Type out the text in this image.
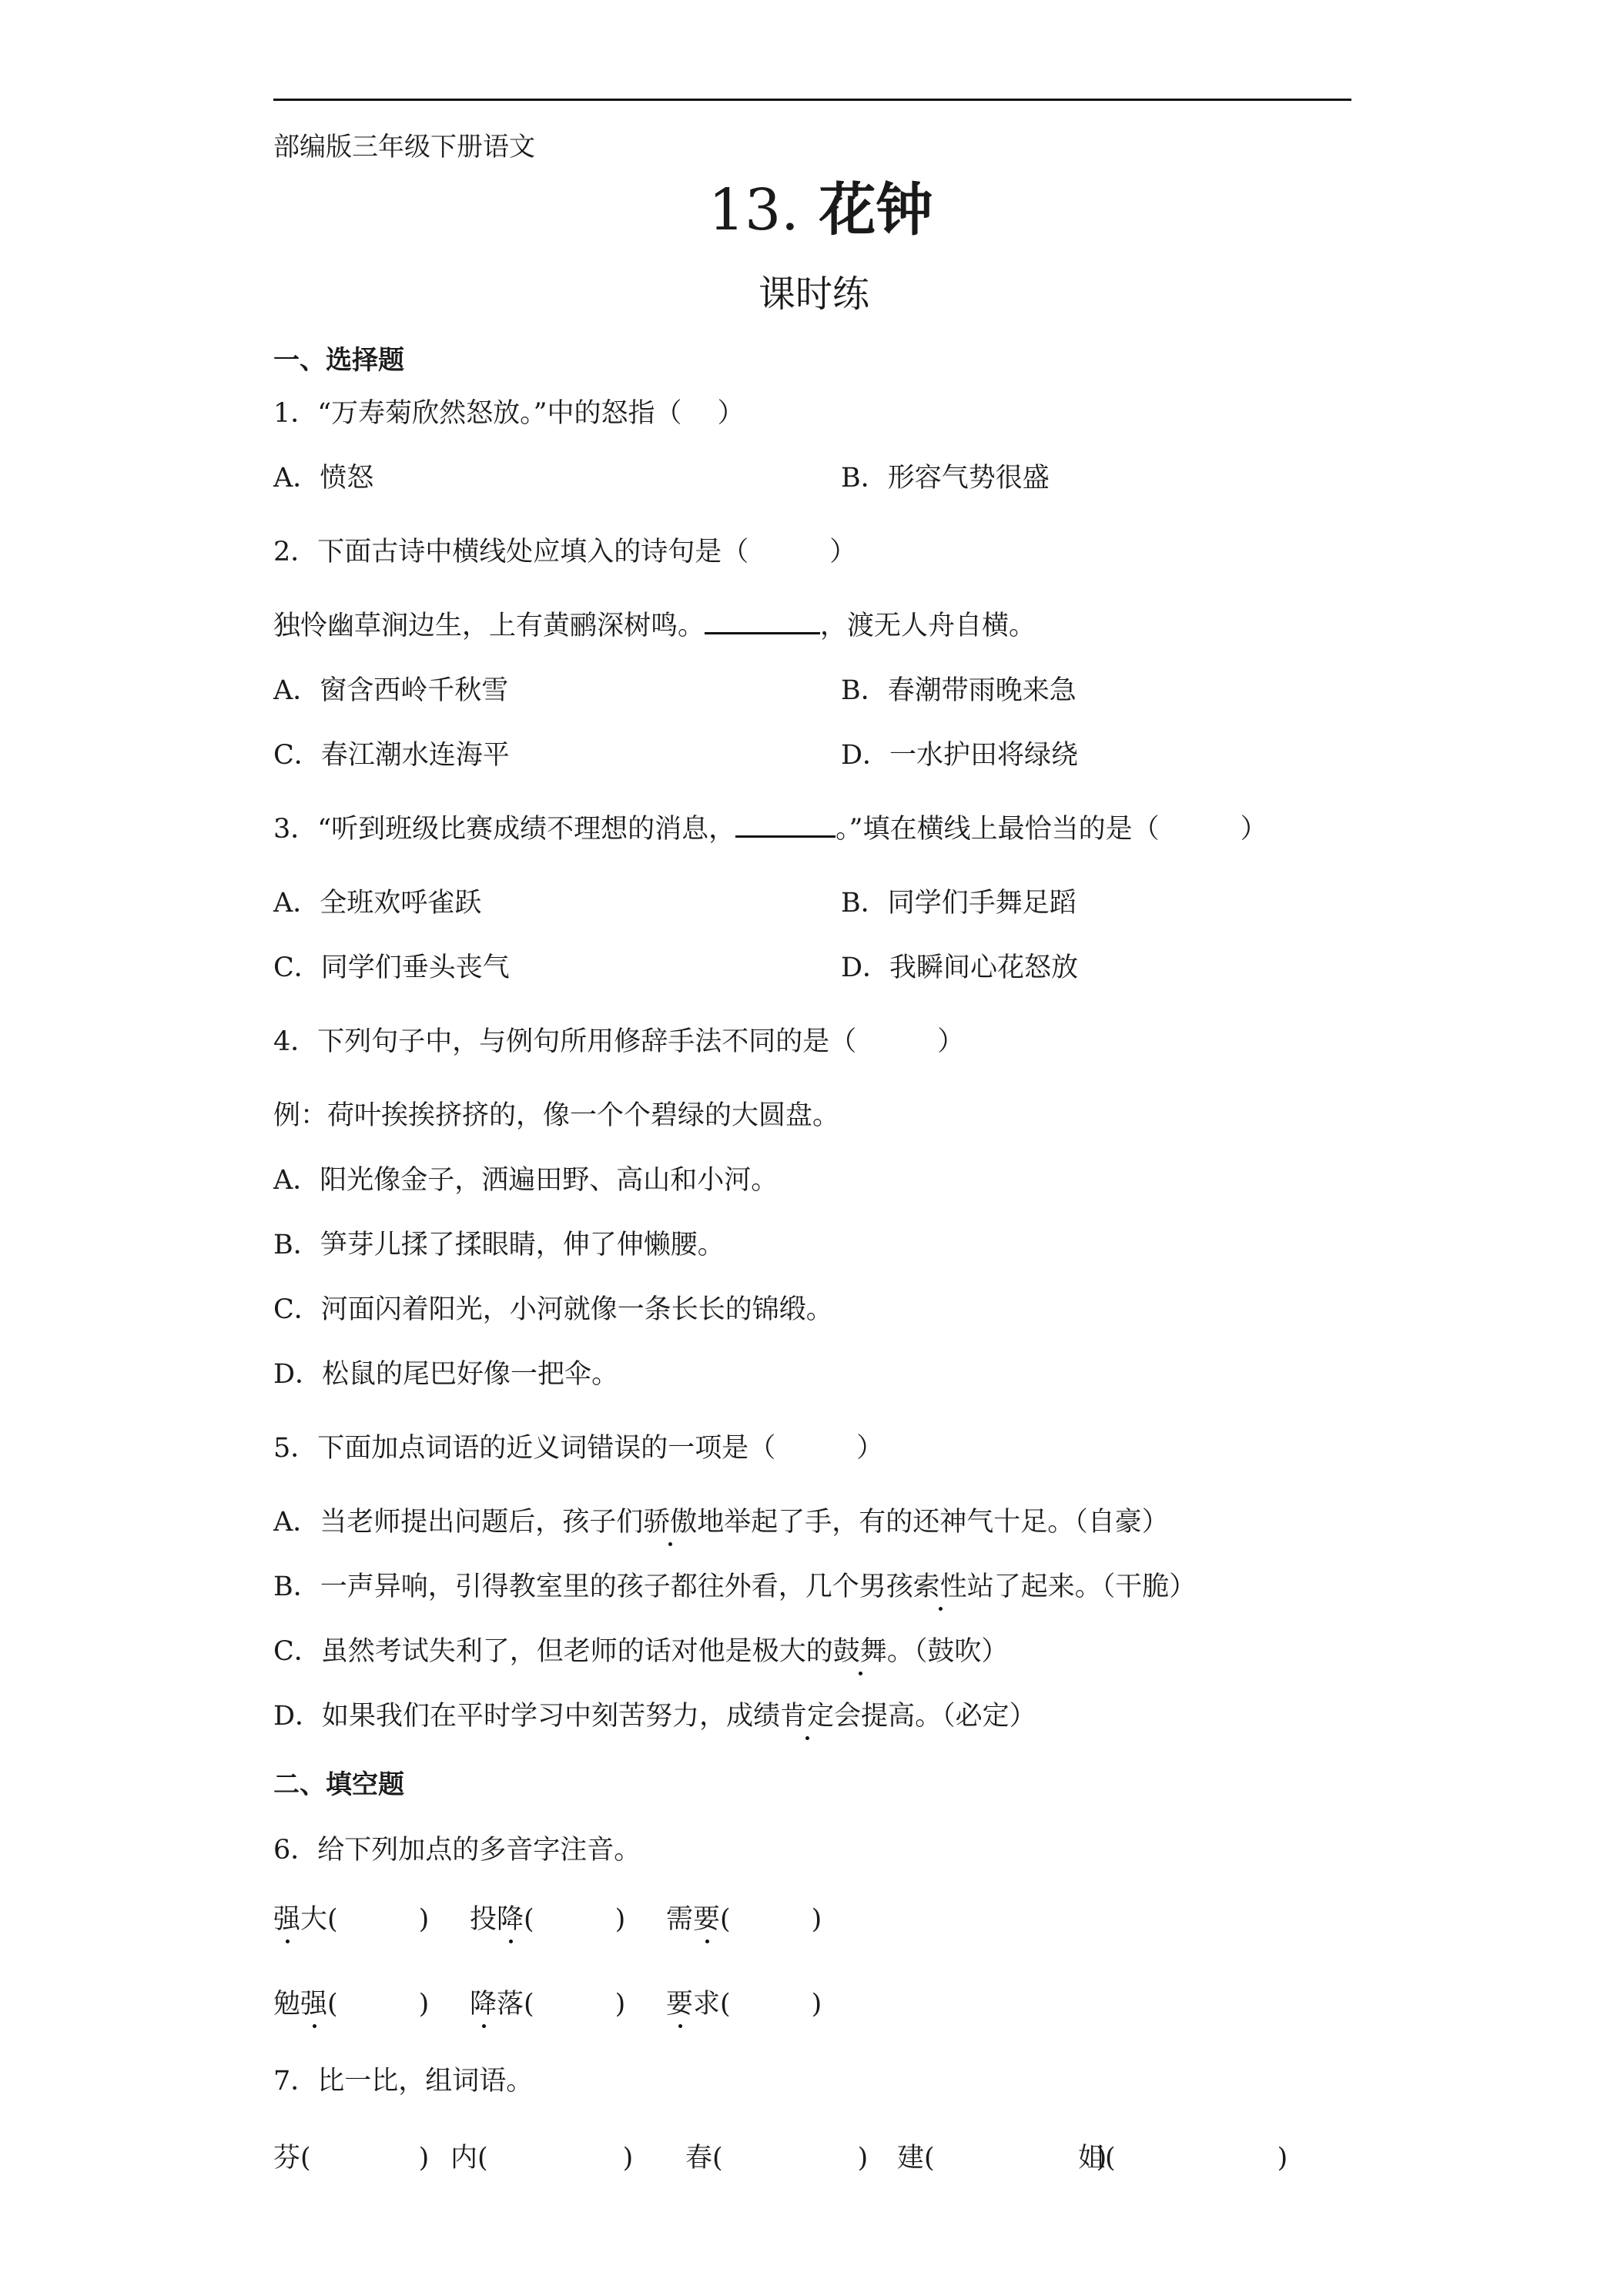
部编版三年级下册语文
13. 花钟
课时练
一、选择题
1．“万寿菊欣然怒放。”中的怒指（　 ）
A．愤怒	B．形容气势很盛
2．下面古诗中横线处应填入的诗句是（　　　）
独怜幽草涧边生，上有黄鹂深树鸣。	，渡无人舟自横。
A．窗含西岭千秋雪	B．春潮带雨晚来急
C．春江潮水连海平	D．一水护田将绿绕
3．“听到班级比赛成绩不理想的消息，	。”填在横线上最恰当的是（　　　）
A．全班欢呼雀跃	B．同学们手舞足蹈
C．同学们垂头丧气	D．我瞬间心花怒放
4．下列句子中，与例句所用修辞手法不同的是（　　　）
例：荷叶挨挨挤挤的，像一个个碧绿的大圆盘。
A．阳光像金子，洒遍田野、高山和小河。
B．笋芽儿揉了揉眼睛，伸了伸懒腰。
C．河面闪着阳光，小河就像一条长长的锦缎。
D．松鼠的尾巴好像一把伞。
5．下面加点词语的近义词错误的一项是（　　　）
A．当老师提出问题后，孩子们骄傲地举起了手，有的还神气十足。（自豪）
B．一声异响，引得教室里的孩子都往外看，几个男孩索性站了起来。（干脆）
C．虽然考试失利了，但老师的话对他是极大的鼓舞。（鼓吹）
D．如果我们在平时学习中刻苦努力，成绩肯定会提高。（必定）
二、填空题
6．给下列加点的多音字注音。
强大(　　　) 投降(　　　) 需要(　　　)
勉强(　　　) 降落(　　　) 要求(　　　)
7．比一比，组词语。
芬(　　　　) 内(　　　　　) 春(　　　　　) 建(　　　　　　)
姐(　　　　　　)
